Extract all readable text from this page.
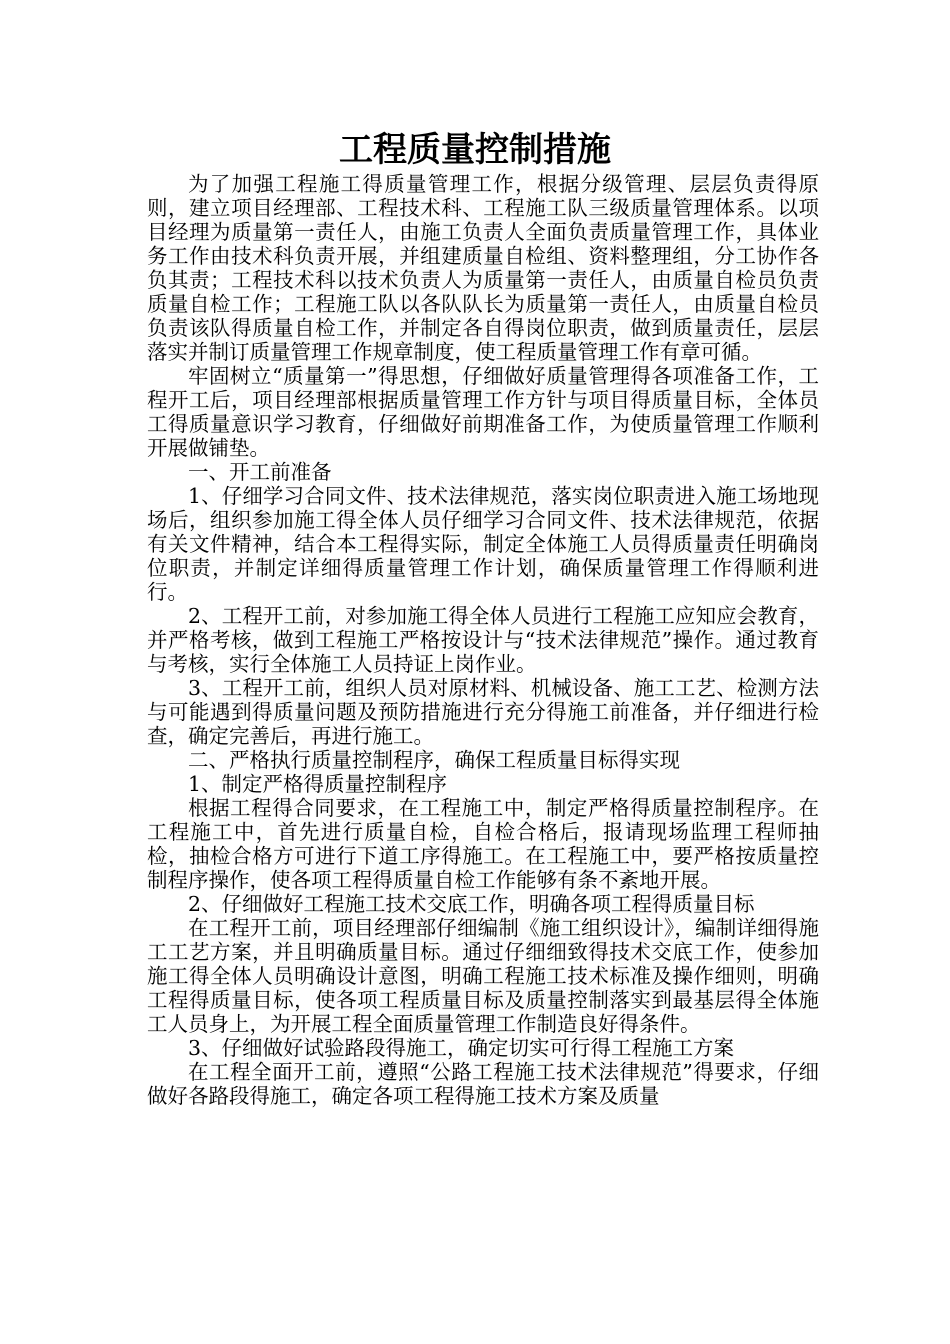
工程质量控制措施

为了加强工程施工得质量管理工作，根据分级管理、层层负责得原则，建立项目经理部、工程技术科、工程施工队三级质量管理体系。以项目经理为质量第一责任人，由施工负责人全面负责质量管理工作，具体业务工作由技术科负责开展，并组建质量自检组、资料整理组，分工协作各负其责；工程技术科以技术负责人为质量第一责任人，由质量自检员负责质量自检工作；工程施工队以各队队长为质量第一责任人，由质量自检员负责该队得质量自检工作，并制定各自得岗位职责，做到质量责任，层层落实并制订质量管理工作规章制度，使工程质量管理工作有章可循。

牢固树立“质量第一”得思想，仔细做好质量管理得各项准备工作，工程开工后，项目经理部根据质量管理工作方针与项目得质量目标，全体员工得质量意识学习教育，仔细做好前期准备工作，为使质量管理工作顺利开展做铺垫。

一、开工前准备

1、仔细学习合同文件、技术法律规范，落实岗位职责进入施工场地现场后，组织参加施工得全体人员仔细学习合同文件、技术法律规范，依据有关文件精神，结合本工程得实际，制定全体施工人员得质量责任明确岗位职责，并制定详细得质量管理工作计划，确保质量管理工作得顺利进行。

2、工程开工前，对参加施工得全体人员进行工程施工应知应会教育，并严格考核，做到工程施工严格按设计与“技术法律规范”操作。通过教育与考核，实行全体施工人员持证上岗作业。

3、工程开工前，组织人员对原材料、机械设备、施工工艺、检测方法与可能遇到得质量问题及预防措施进行充分得施工前准备，并仔细进行检查，确定完善后，再进行施工。

二、严格执行质量控制程序，确保工程质量目标得实现

1、制定严格得质量控制程序

根据工程得合同要求，在工程施工中，制定严格得质量控制程序。在工程施工中，首先进行质量自检，自检合格后，报请现场监理工程师抽检，抽检合格方可进行下道工序得施工。在工程施工中，要严格按质量控制程序操作，使各项工程得质量自检工作能够有条不紊地开展。

2、仔细做好工程施工技术交底工作，明确各项工程得质量目标

在工程开工前，项目经理部仔细编制《施工组织设计》，编制详细得施工工艺方案，并且明确质量目标。通过仔细细致得技术交底工作，使参加施工得全体人员明确设计意图，明确工程施工技术标准及操作细则，明确工程得质量目标，使各项工程质量目标及质量控制落实到最基层得全体施工人员身上，为开展工程全面质量管理工作制造良好得条件。

3、仔细做好试验路段得施工，确定切实可行得工程施工方案

在工程全面开工前，遵照“公路工程施工技术法律规范”得要求，仔细做好各路段得施工，确定各项工程得施工技术方案及质量
